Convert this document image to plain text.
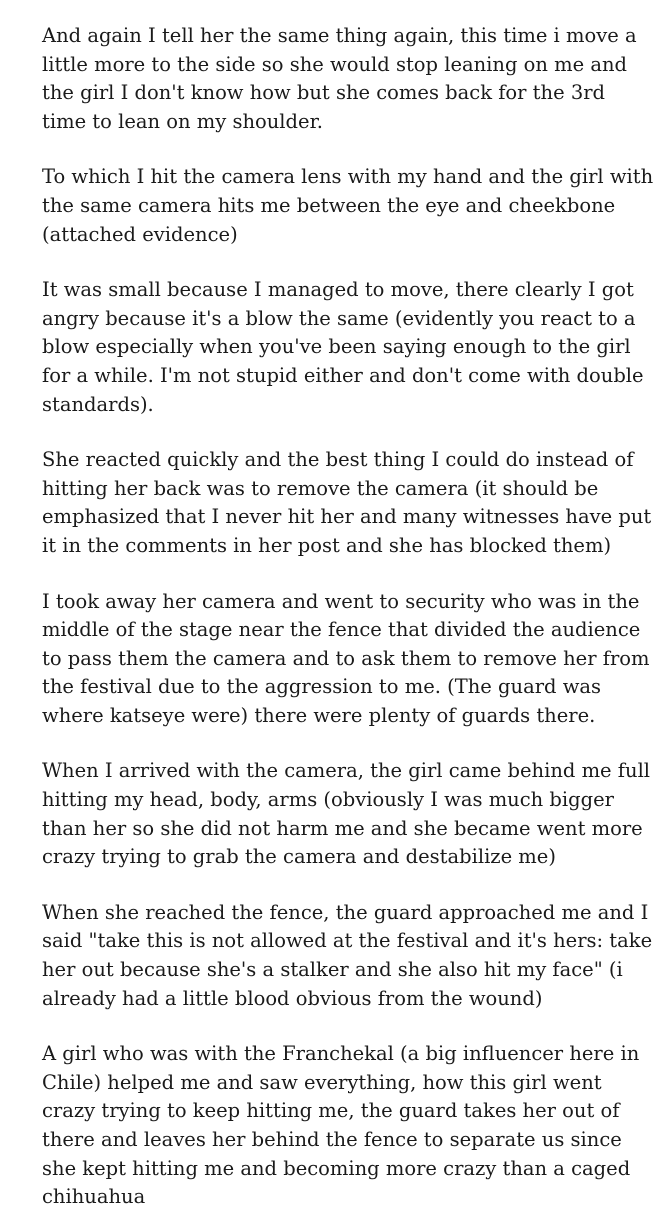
And again I tell her the same thing again, this time i move a
little more to the side so she would stop leaning on me and
the girl I don't know how but she comes back for the 3rd
time to lean on my shoulder.
To which I hit the camera lens with my hand and the girl with
the same camera hits me between the eye and cheekbone
(attached evidence)
It was small because I managed to move, there clearly I got
angry because it's a blow the same (evidently you react to a
blow especially when you've been saying enough to the girl
for a while. I'm not stupid either and don't come with double
standards).
She reacted quickly and the best thing I could do instead of
hitting her back was to remove the camera (it should be
emphasized that I never hit her and many witnesses have put
it in the comments in her post and she has blocked them)
I took away her camera and went to security who was in the
middle of the stage near the fence that divided the audience
to pass them the camera and to ask them to remove her from
the festival due to the aggression to me. (The guard was
where katseye were) there were plenty of guards there.
When I arrived with the camera, the girl came behind me full
hitting my head, body, arms (obviously I was much bigger
than her so she did not harm me and she became went more
crazy trying to grab the camera and destabilize me)
When she reached the fence, the guard approached me and I
said "take this is not allowed at the festival and it's hers: take
her out because she's a stalker and she also hit my face" (i
already had a little blood obvious from the wound)
A girl who was with the Franchekal (a big influencer here in
Chile) helped me and saw everything, how this girl went
crazy trying to keep hitting me, the guard takes her out of
there and leaves her behind the fence to separate us since
she kept hitting me and becoming more crazy than a caged
chihuahua
